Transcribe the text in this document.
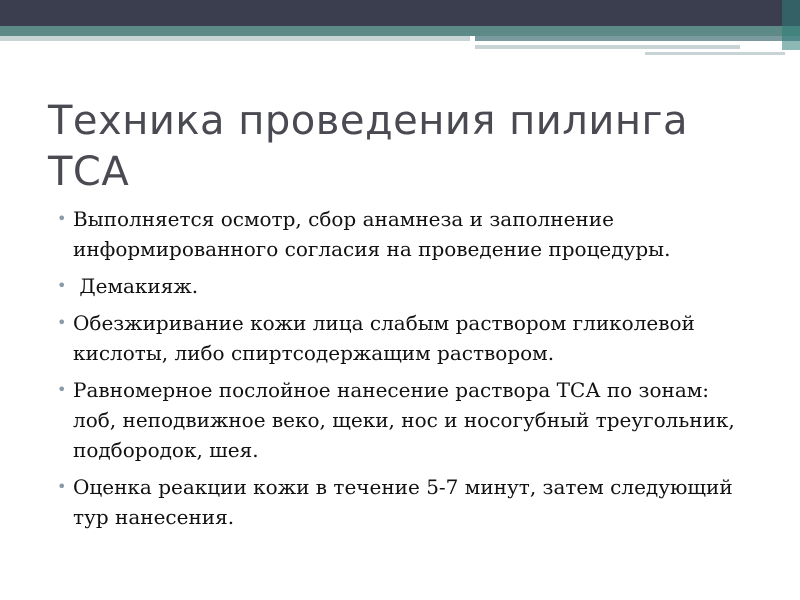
Техника проведения пилинга ТСА
• Выполняется осмотр, сбор анамнеза и заполнение информированного согласия на проведение процедуры.
• Демакияж.
• Обезжиривание кожи лица слабым раствором гликолевой кислоты, либо спиртсодержащим раствором.
• Равномерное послойное нанесение раствора ТСА по зонам: лоб, неподвижное веко, щеки, нос и носогубный треугольник, подбородок, шея.
• Оценка реакции кожи в течение 5-7 минут, затем следующий тур нанесения.
